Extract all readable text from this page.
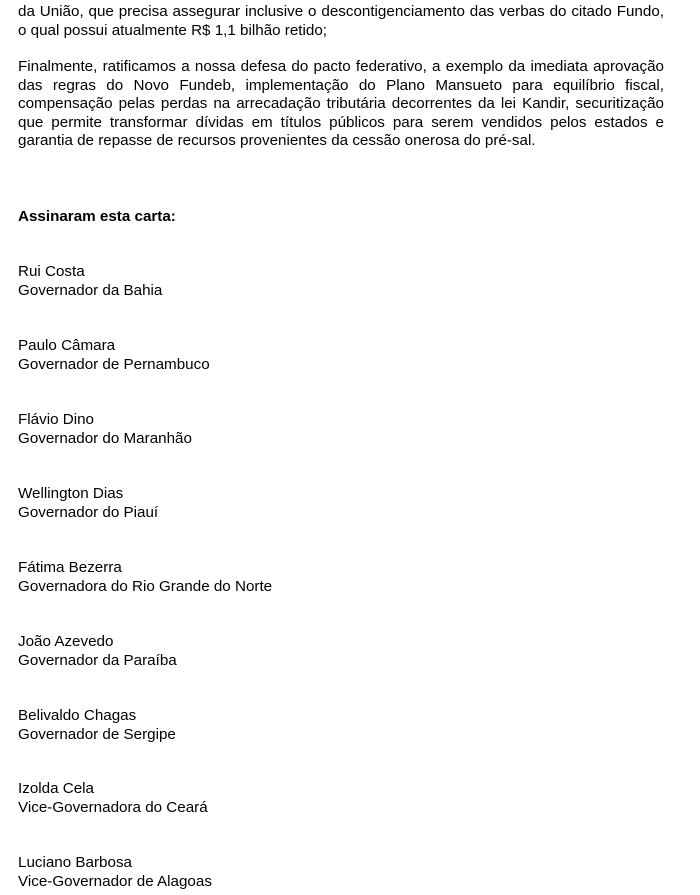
da União, que precisa assegurar inclusive o descontigenciamento das verbas do citado Fundo, o qual possui atualmente R$ 1,1 bilhão retido;

Finalmente, ratificamos a nossa defesa do pacto federativo, a exemplo da imediata aprovação das regras do Novo Fundeb, implementação do Plano Mansueto para equilíbrio fiscal, compensação pelas perdas na arrecadação tributária decorrentes da lei Kandir, securitização que permite transformar dívidas em títulos públicos para serem vendidos pelos estados e garantia de repasse de recursos provenientes da cessão onerosa do pré-sal.

Assinaram esta carta:

Rui Costa
Governador da Bahia
Paulo Câmara
Governador de Pernambuco
Flávio Dino
Governador do Maranhão
Wellington Dias
Governador do Piauí
Fátima Bezerra
Governadora do Rio Grande do Norte
João Azevedo
Governador da Paraíba
Belivaldo Chagas
Governador de Sergipe
Izolda Cela
Vice-Governadora do Ceará
Luciano Barbosa
Vice-Governador de Alagoas
